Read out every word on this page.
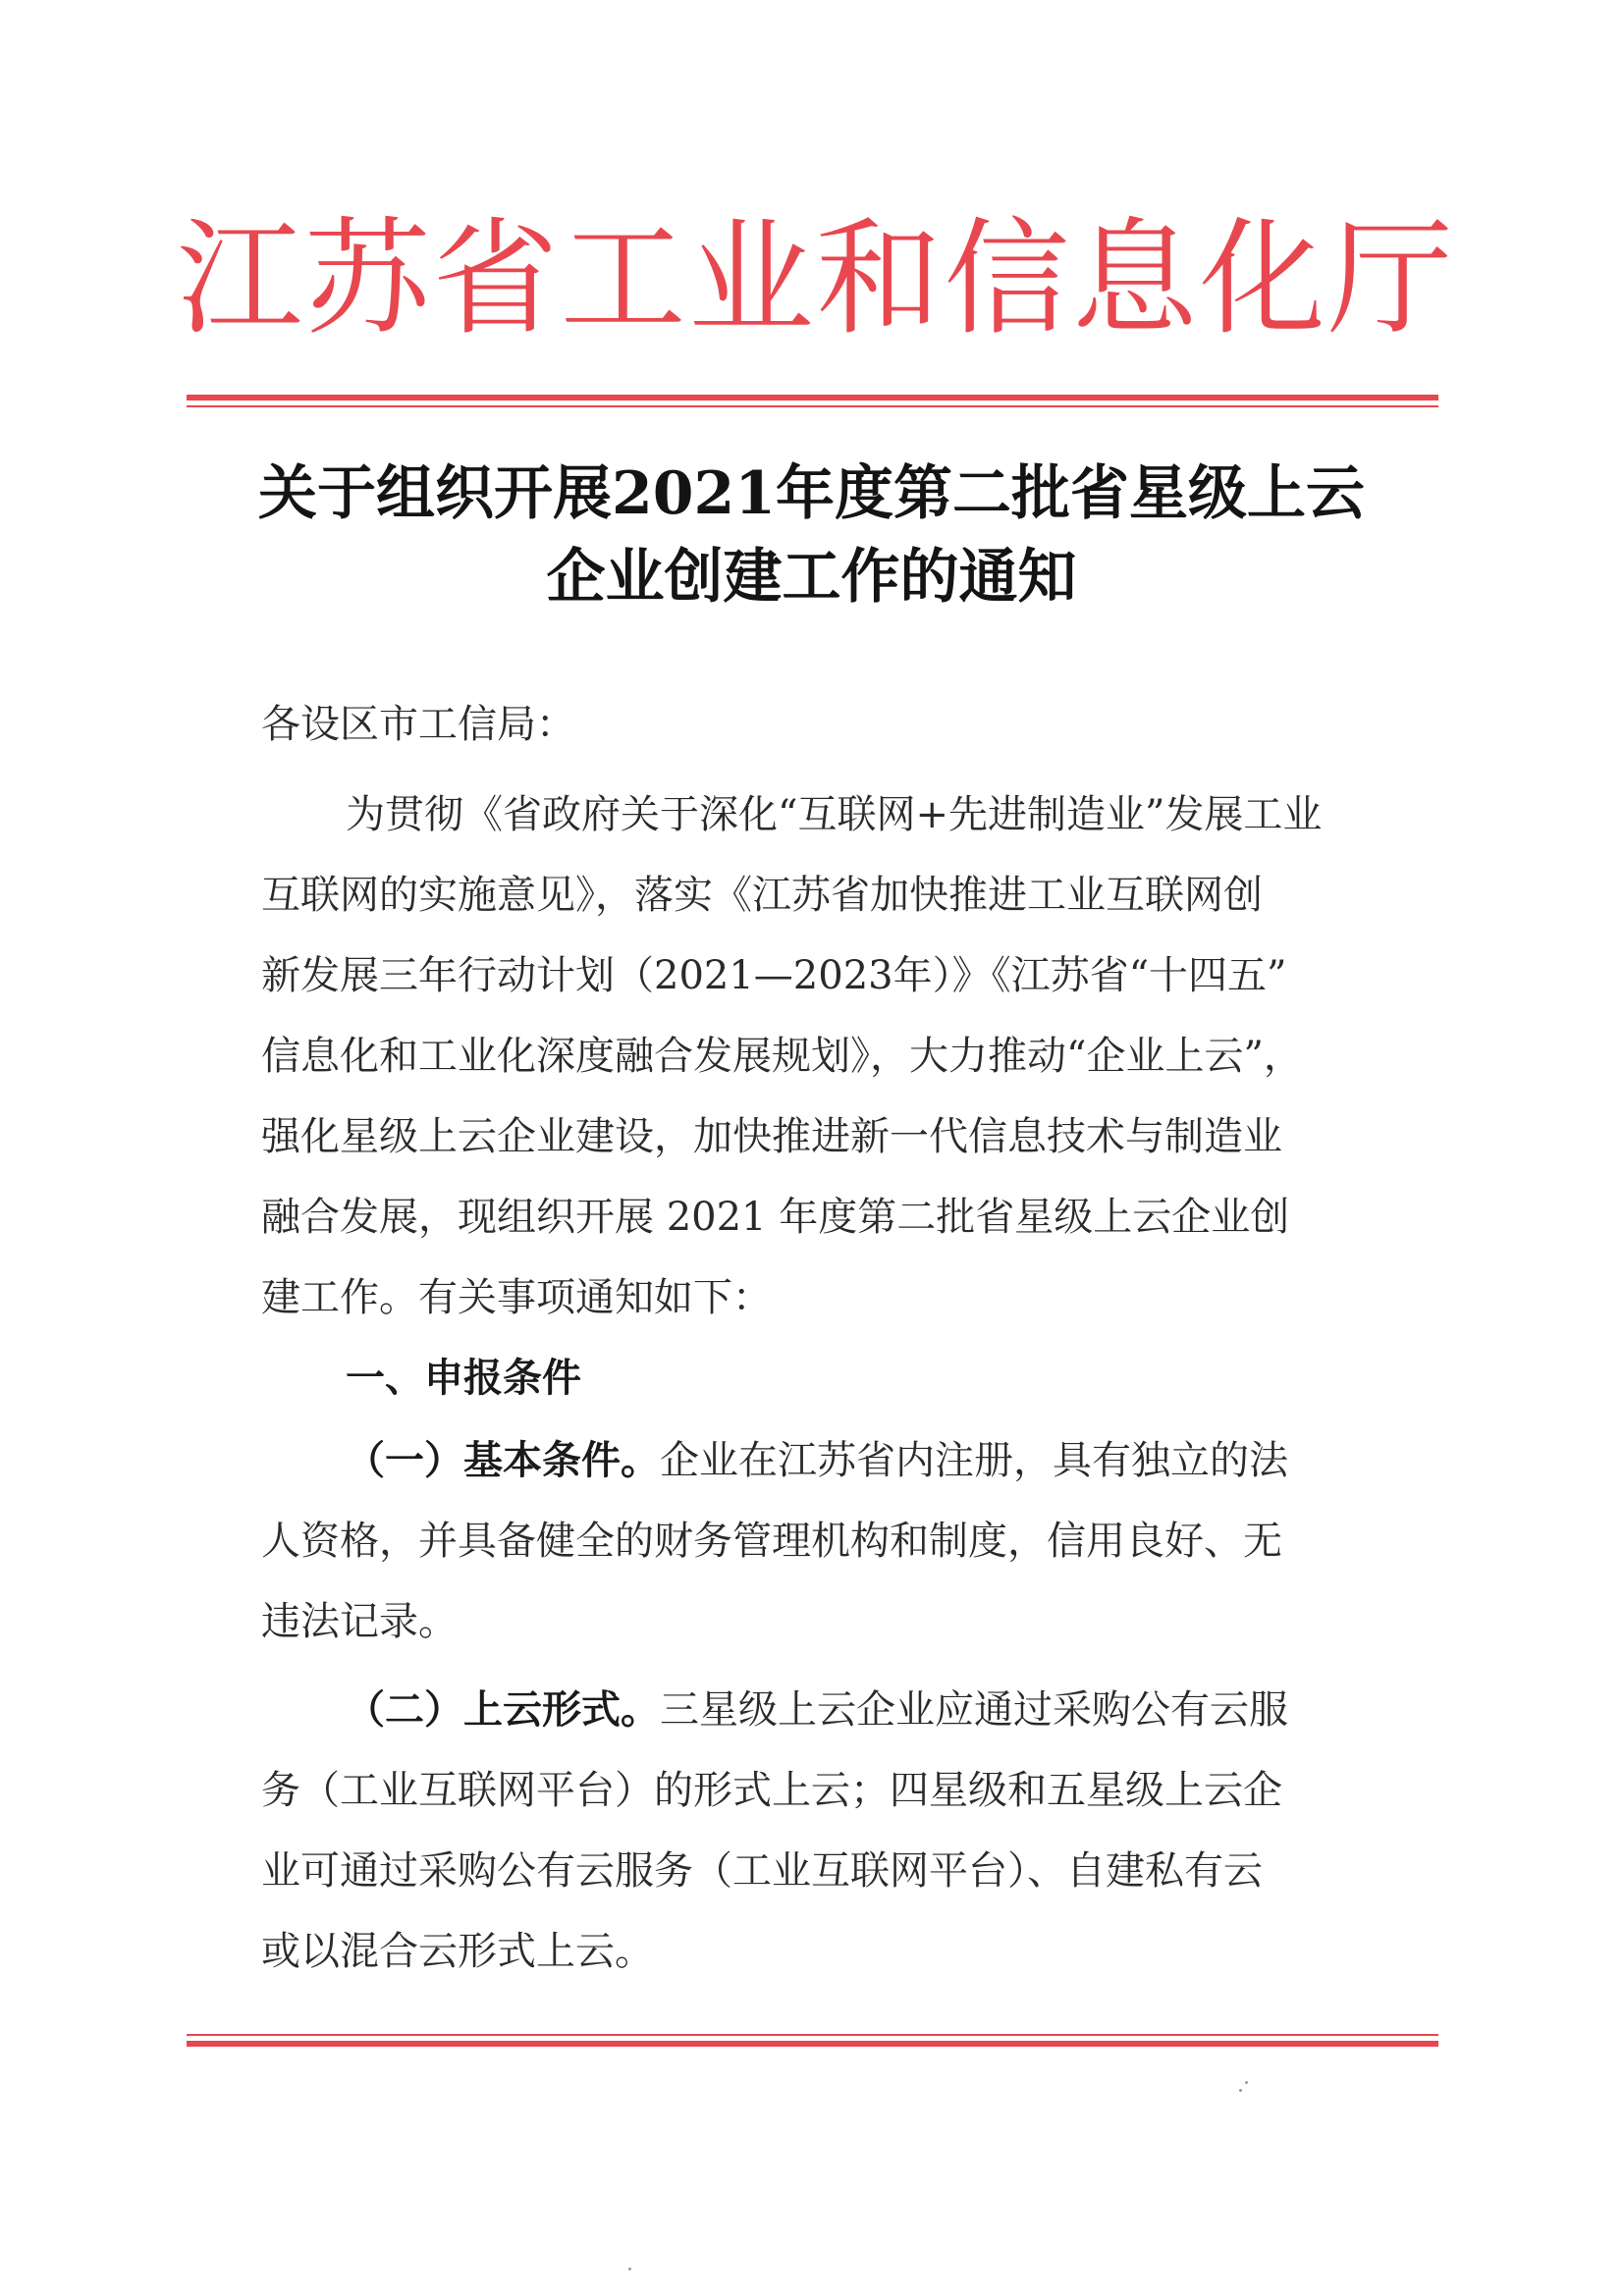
江 苏 省 工 业 和 信 息 化 厅
关于组织开展2021年度第二批省星级上云
企业创建工作的通知
各设区市工信局：
为贯彻《省政府关于深化“互联网+先进制造业”发展工业
互联网的实施意见》，落实《江苏省加快推进工业互联网创
新发展三年行动计划（2021—2023年）》《江苏省“十四五”
信息化和工业化深度融合发展规划》，大力推动“企业上云”，
强化星级上云企业建设，加快推进新一代信息技术与制造业
融合发展，现组织开展 2021 年度第二批省星级上云企业创
建工作。有关事项通知如下：
一、申报条件
（一）基本条件。企业在江苏省内注册，具有独立的法
人资格，并具备健全的财务管理机构和制度，信用良好、无
违法记录。
（二）上云形式。三星级上云企业应通过采购公有云服
务（工业互联网平台）的形式上云；四星级和五星级上云企
业可通过采购公有云服务（工业互联网平台）、自建私有云
或以混合云形式上云。
